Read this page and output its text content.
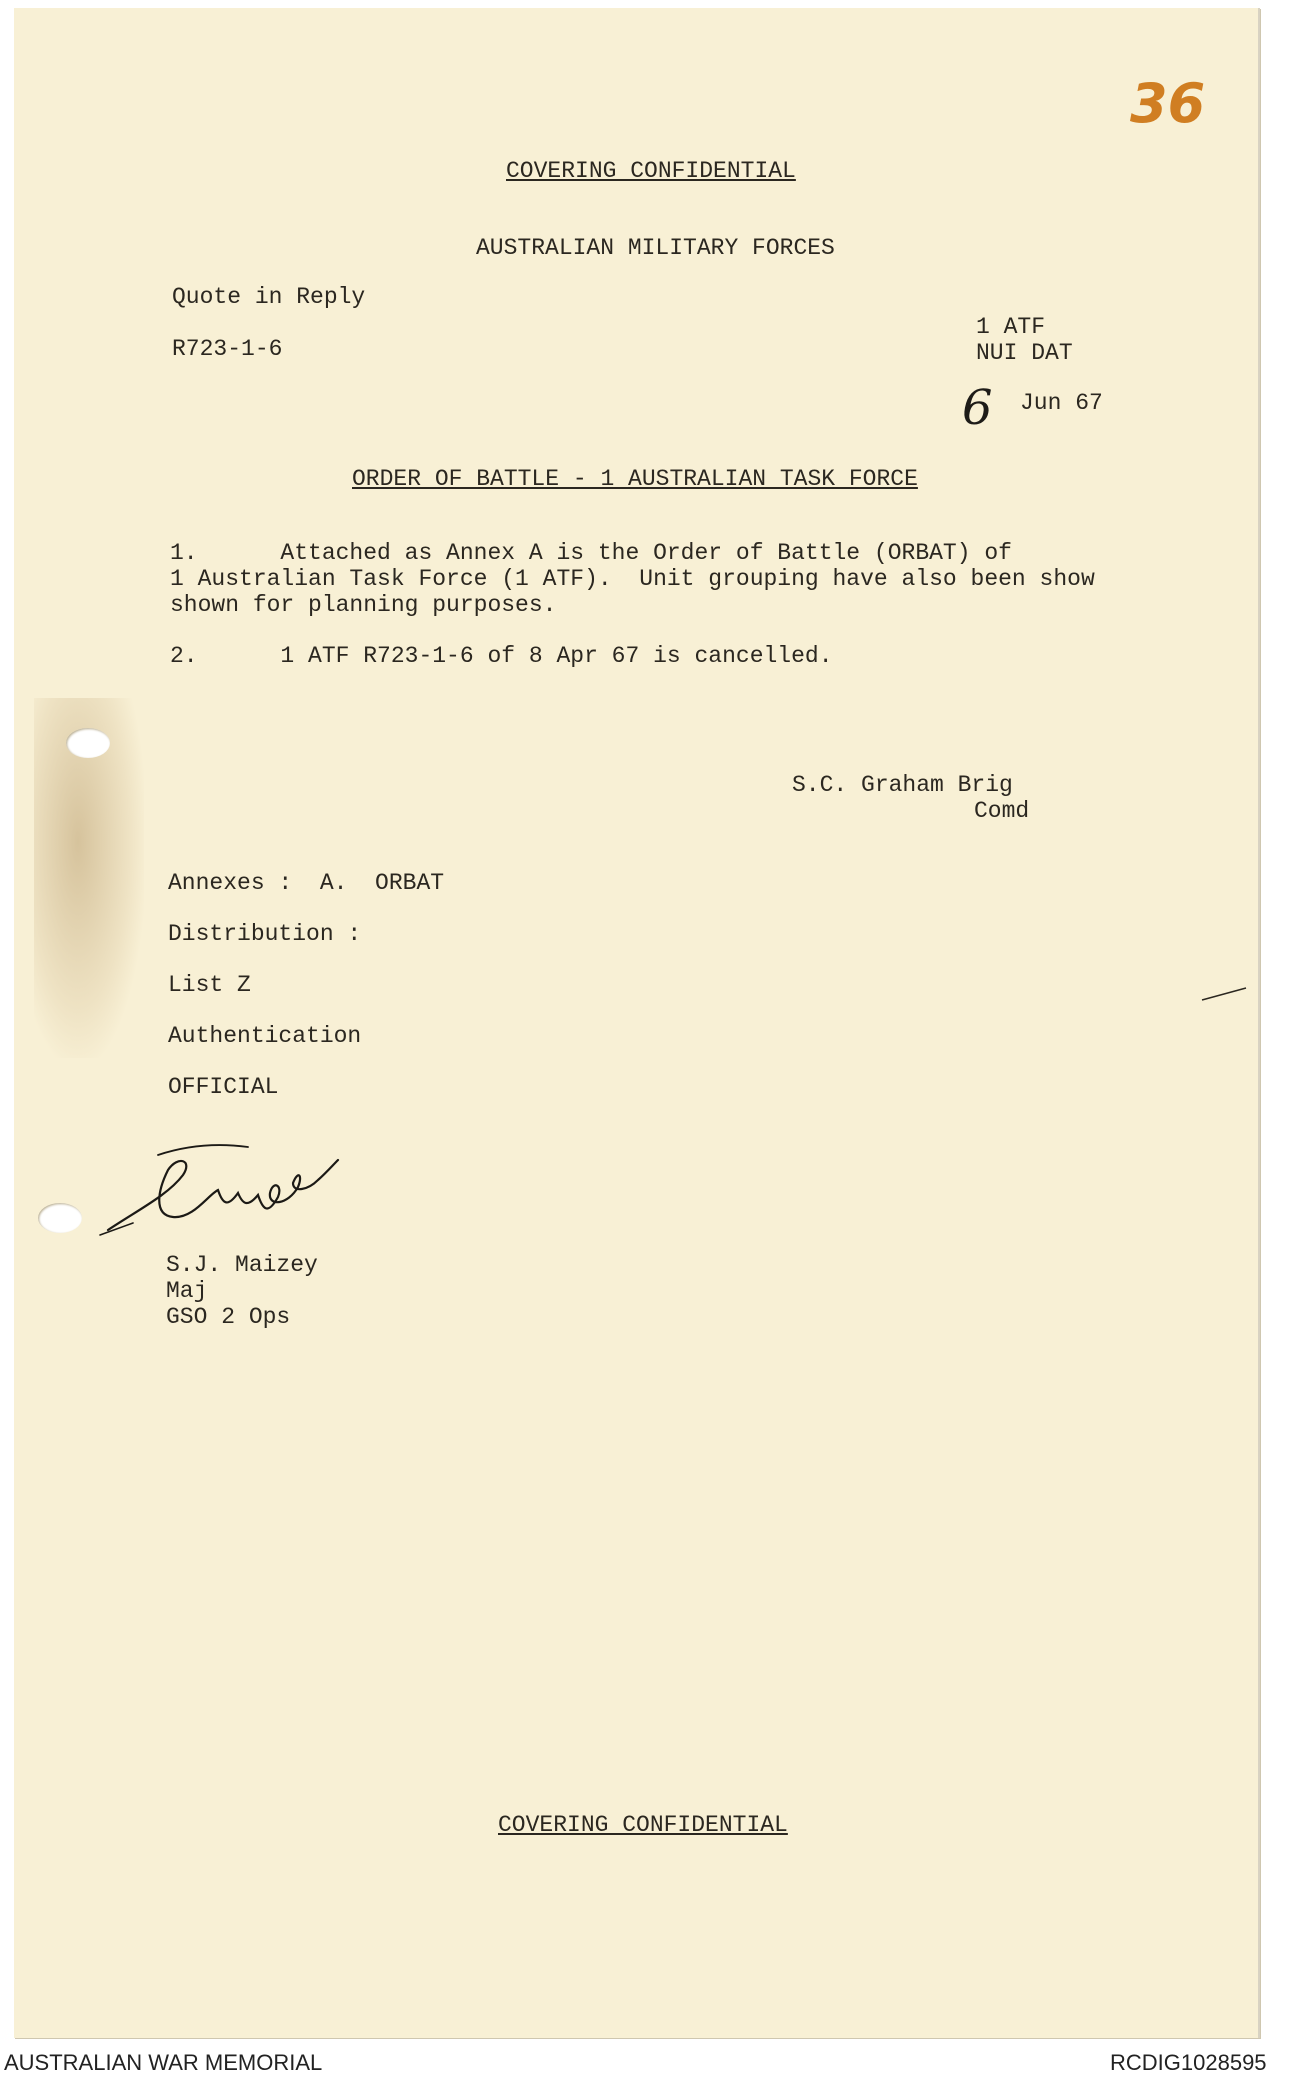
36
COVERING CONFIDENTIAL
AUSTRALIAN MILITARY FORCES
Quote in Reply
R723-1-6
1 ATF
NUI DAT
6 Jun 67
ORDER OF BATTLE - 1 AUSTRALIAN TASK FORCE
1.      Attached as Annex A is the Order of Battle (ORBAT) of
1 Australian Task Force (1 ATF).  Unit grouping have also been show
shown for planning purposes.
2.      1 ATF R723-1-6 of 8 Apr 67 is cancelled.
S.C. Graham Brig
Comd
Annexes :  A.  ORBAT
Distribution :
List Z
Authentication
OFFICIAL
S.J. Maizey
Maj
GSO 2 Ops
COVERING CONFIDENTIAL
AUSTRALIAN WAR MEMORIAL	RCDIG1028595
